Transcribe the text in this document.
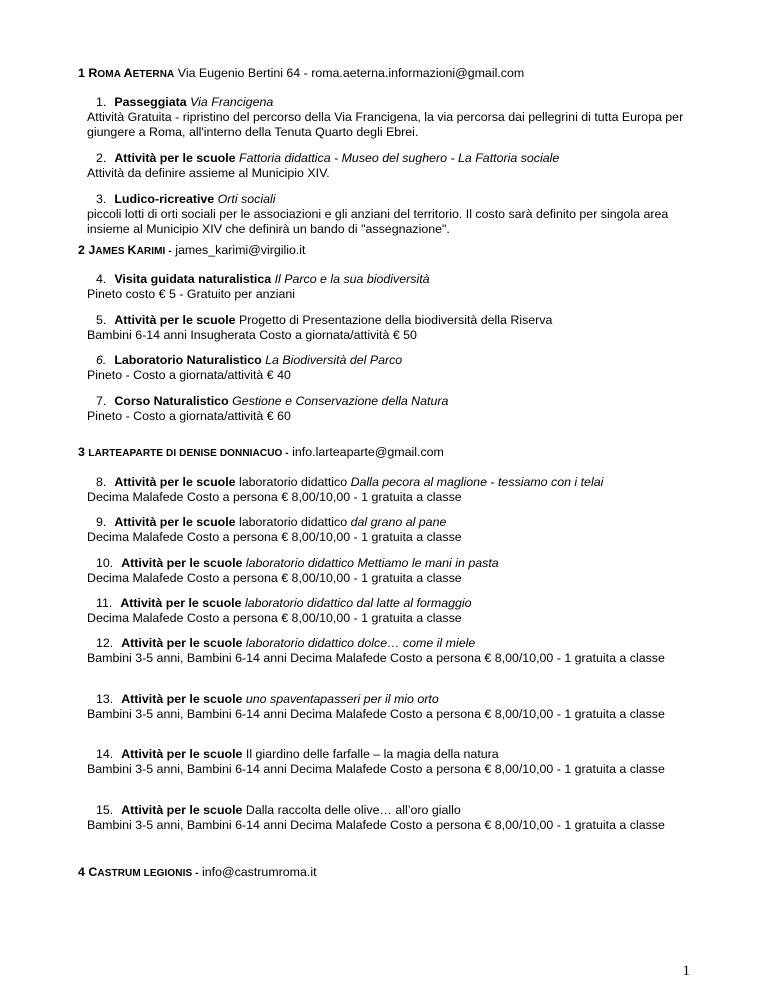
1 ROMA AETERNA Via Eugenio Bertini 64 - roma.aeterna.informazioni@gmail.com
1. Passeggiata Via Francigena
Attività Gratuita - ripristino del percorso della Via Francigena, la via percorsa dai pellegrini di tutta Europa per giungere a Roma, all'interno della Tenuta Quarto degli Ebrei.
2. Attività per le scuole Fattoria didattica - Museo del sughero - La Fattoria sociale
Attività da definire assieme al Municipio XIV.
3. Ludico-ricreative Orti sociali
piccoli lotti di orti sociali per le associazioni e gli anziani del territorio. Il costo sarà definito per singola area insieme al Municipio XIV che definirà un bando di "assegnazione".
2 JAMES KARIMI - james_karimi@virgilio.it
4. Visita guidata naturalistica Il Parco e la sua biodiversità
Pineto costo € 5 - Gratuito per anziani
5. Attività per le scuole Progetto di Presentazione della biodiversità della Riserva
Bambini 6-14 anni Insugherata Costo a giornata/attività € 50
6. Laboratorio Naturalistico La Biodiversità del Parco
Pineto - Costo a giornata/attività € 40
7. Corso Naturalistico Gestione e Conservazione della Natura
Pineto - Costo a giornata/attività € 60
3 LARTEAPARTE DI DENISE DONNIACUO - info.larteaparte@gmail.com
8. Attività per le scuole laboratorio didattico Dalla pecora al maglione - tessiamo con i telai
Decima Malafede Costo a persona € 8,00/10,00 - 1 gratuita a classe
9. Attività per le scuole laboratorio didattico dal grano al pane
Decima Malafede Costo a persona € 8,00/10,00 - 1 gratuita a classe
10. Attività per le scuole laboratorio didattico Mettiamo le mani in pasta
Decima Malafede Costo a persona € 8,00/10,00 - 1 gratuita a classe
11. Attività per le scuole laboratorio didattico dal latte al formaggio
Decima Malafede Costo a persona € 8,00/10,00 - 1 gratuita a classe
12. Attività per le scuole laboratorio didattico dolce… come il miele
Bambini 3-5 anni, Bambini 6-14 anni Decima Malafede Costo a persona € 8,00/10,00 - 1 gratuita a classe
13. Attività per le scuole uno spaventapasseri per il mio orto
Bambini 3-5 anni, Bambini 6-14 anni Decima Malafede Costo a persona € 8,00/10,00 - 1 gratuita a classe
14. Attività per le scuole Il giardino delle farfalle – la magia della natura
Bambini 3-5 anni, Bambini 6-14 anni Decima Malafede Costo a persona € 8,00/10,00 - 1 gratuita a classe
15. Attività per le scuole Dalla raccolta delle olive… all’oro giallo
Bambini 3-5 anni, Bambini 6-14 anni Decima Malafede Costo a persona € 8,00/10,00 - 1 gratuita a classe
4 CASTRUM LEGIONIS - info@castrumroma.it
1
